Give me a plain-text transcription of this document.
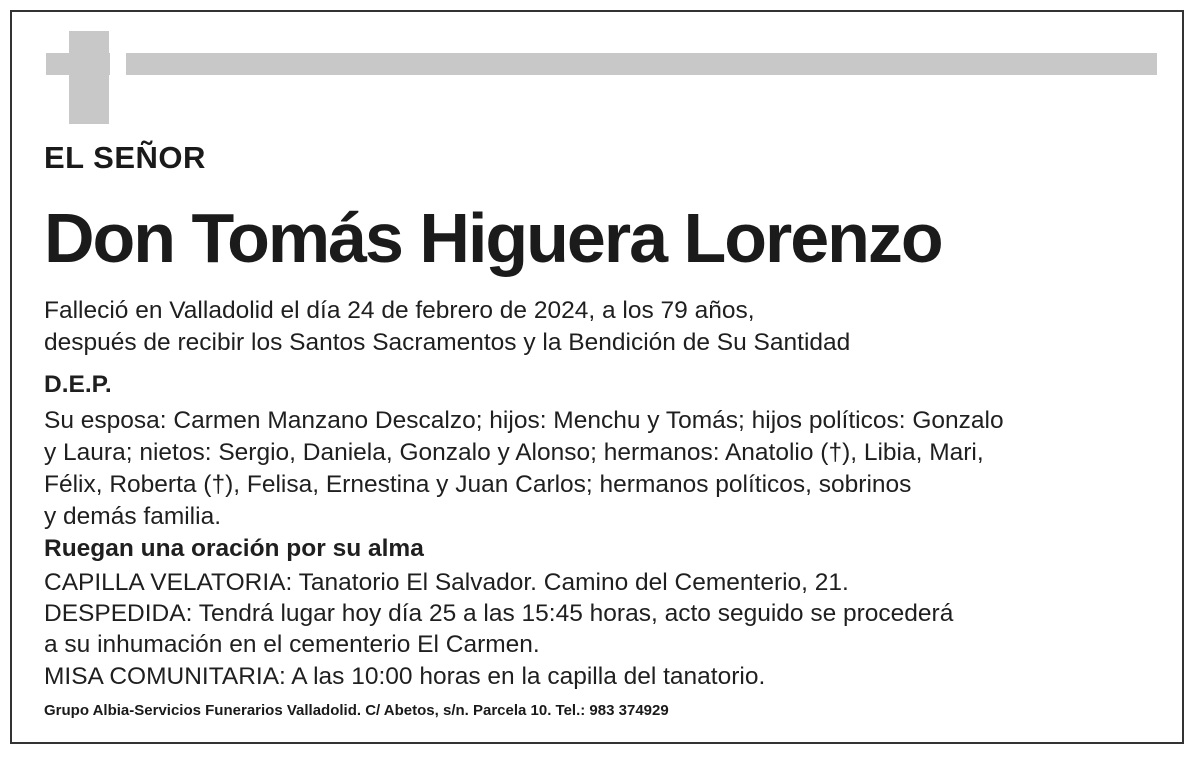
EL SEÑOR
Don Tomás Higuera Lorenzo
Falleció en Valladolid el día 24 de febrero de 2024, a los 79 años,
después de recibir los Santos Sacramentos y la Bendición de Su Santidad
D.E.P.
Su esposa: Carmen Manzano Descalzo; hijos: Menchu y Tomás; hijos políticos: Gonzalo
y Laura; nietos: Sergio, Daniela, Gonzalo y Alonso; hermanos: Anatolio (†), Libia, Mari,
Félix, Roberta (†), Felisa, Ernestina y Juan Carlos; hermanos políticos, sobrinos
y demás familia.
Ruegan una oración por su alma
CAPILLA VELATORIA: Tanatorio El Salvador. Camino del Cementerio, 21.
DESPEDIDA: Tendrá lugar hoy día 25 a las 15:45 horas, acto seguido se procederá
a su inhumación en el cementerio El Carmen.
MISA COMUNITARIA: A las 10:00 horas en la capilla del tanatorio.
Grupo Albia-Servicios Funerarios Valladolid. C/ Abetos, s/n. Parcela 10. Tel.: 983 374929
